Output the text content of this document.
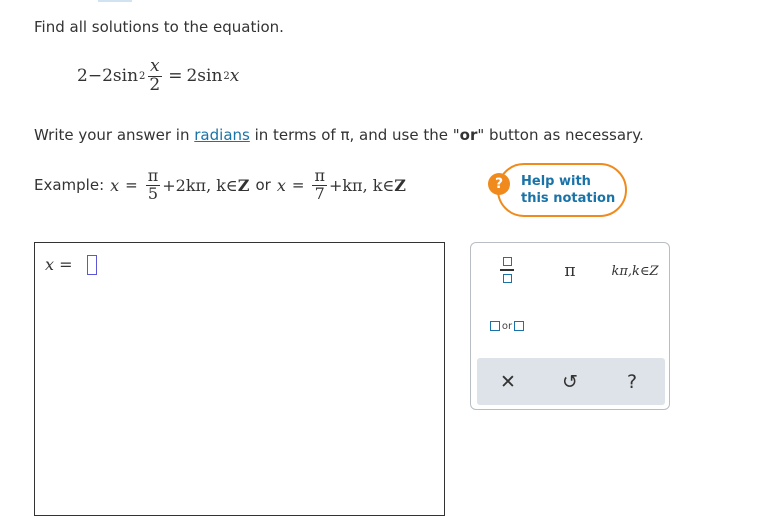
Find all solutions to the equation.
2 − 2 $\sin 2 \frac{x}{2} = 2\sin$ 2 x
Write your answer in radians in terms of π, and use the "or" button as necessary.
Example: $x = \frac{\pi}{5} +2k\pi$, k∈ Z or $x = \frac{\pi}{7} +k\pi$, k∈ Z	?	Help with
this notation
x =	π	kπ,k∈Z
or
✕	↺	?
